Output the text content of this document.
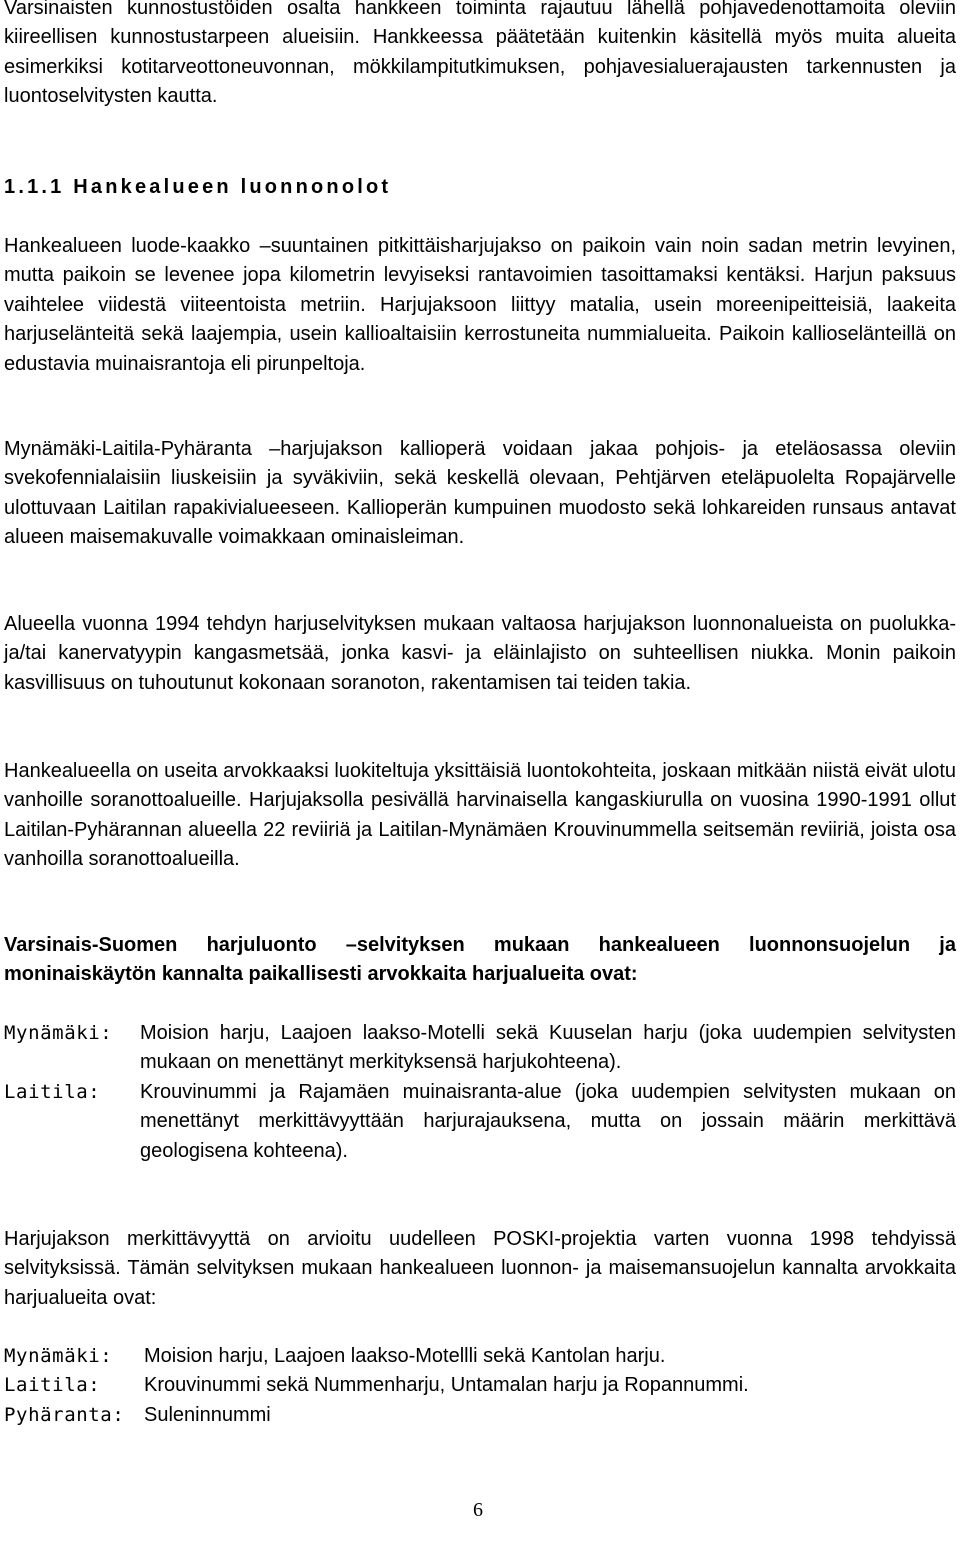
Varsinaisten kunnostustöiden osalta hankkeen toiminta rajautuu lähellä pohjavedenottamoita oleviin kiireellisen kunnostustarpeen alueisiin. Hankkeessa päätetään kuitenkin käsitellä myös muita alueita esimerkiksi kotitarveottoneuvonnan, mökkilampitutkimuksen, pohjavesialuerajausten tarkennusten ja luontoselvitysten kautta.

1.1.1 Hankealueen luonnonolot

Hankealueen luode-kaakko –suuntainen pitkittäisharjujakso on paikoin vain noin sadan metrin levyinen, mutta paikoin se levenee jopa kilometrin levyiseksi rantavoimien tasoittamaksi kentäksi. Harjun paksuus vaihtelee viidestä viiteentoista metriin. Harjujaksoon liittyy matalia, usein moreenipeitteisiä, laakeita harjuselänteitä sekä laajempia, usein kallioaltaisiin kerrostuneita nummialueita. Paikoin kallioselänteillä on edustavia muinaisrantoja eli pirunpeltoja.

Mynämäki-Laitila-Pyhäranta –harjujakson kallioperä voidaan jakaa pohjois- ja eteläosassa oleviin svekofennialaisiin liuskeisiin ja syväkiviin, sekä keskellä olevaan, Pehtjärven eteläpuolelta Ropajärvelle ulottuvaan Laitilan rapakivialueeseen. Kallioperän kumpuinen muodosto sekä lohkareiden runsaus antavat alueen maisemakuvalle voimakkaan ominaisleiman.

Alueella vuonna 1994 tehdyn harjuselvityksen mukaan valtaosa harjujakson luonnonalueista on puolukka- ja/tai kanervatyypin kangasmetsää, jonka kasvi- ja eläinlajisto on suhteellisen niukka. Monin paikoin kasvillisuus on tuhoutunut kokonaan soranoton, rakentamisen tai teiden takia.

Hankealueella on useita arvokkaaksi luokiteltuja yksittäisiä luontokohteita, joskaan mitkään niistä eivät ulotu vanhoille soranottoalueille. Harjujaksolla pesivällä harvinaisella kangaskiurulla on vuosina 1990-1991 ollut Laitilan-Pyhärannan alueella 22 reviiriä ja Laitilan-Mynämäen Krouvinummella seitsemän reviiriä, joista osa vanhoilla soranottoalueilla.

Varsinais-Suomen harjuluonto –selvityksen mukaan hankealueen luonnonsuojelun ja moninaiskäytön kannalta paikallisesti arvokkaita harjualueita ovat:

Mynämäki:	Moision harju, Laajoen laakso-Motelli sekä Kuuselan harju (joka uudempien selvitysten mukaan on menettänyt merkityksensä harjukohteena).
Laitila:	Krouvinummi ja Rajamäen muinaisranta-alue (joka uudempien selvitysten mukaan on menettänyt merkittävyyttään harjurajauksena, mutta on jossain määrin merkittävä geologisena kohteena).

Harjujakson merkittävyyttä on arvioitu uudelleen POSKI-projektia varten vuonna 1998 tehdyissä selvityksissä. Tämän selvityksen mukaan hankealueen luonnon- ja maisemansuojelun kannalta arvokkaita harjualueita ovat:

Mynämäki:	Moision harju, Laajoen laakso-Motellli sekä Kantolan harju.
Laitila:	Krouvinummi sekä Nummenharju, Untamalan harju ja Ropannummi.
Pyhäranta: Suleninnummi
6
